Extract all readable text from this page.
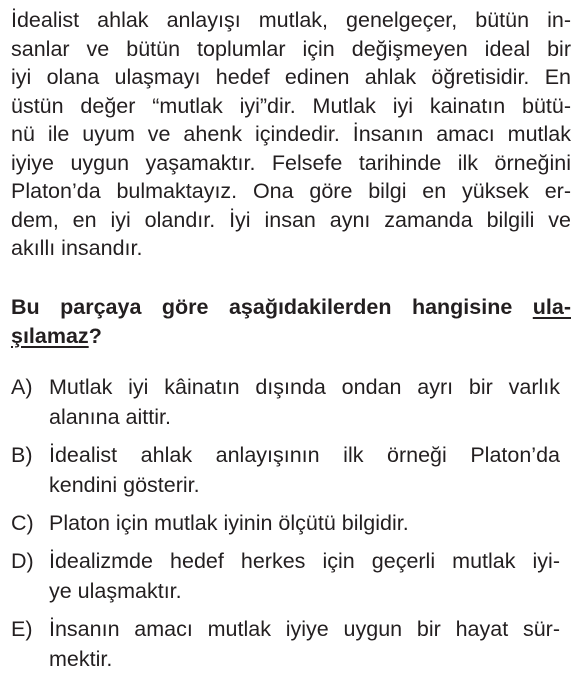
İdealist ahlak anlayışı mutlak, genelgeçer, bütün in-
sanlar ve bütün toplumlar için değişmeyen ideal bir
iyi olana ulaşmayı hedef edinen ahlak öğretisidir. En
üstün değer “mutlak iyi”dir. Mutlak iyi kainatın bütü-
nü ile uyum ve ahenk içindedir. İnsanın amacı mutlak
iyiye uygun yaşamaktır. Felsefe tarihinde ilk örneğini
Platon’da bulmaktayız. Ona göre bilgi en yüksek er-
dem, en iyi olandır. İyi insan aynı zamanda bilgili ve
akıllı insandır.
Bu parçaya göre aşağıdakilerden hangisine ula-
şılamaz?
A) Mutlak iyi kâinatın dışında ondan ayrı bir varlık
alanına aittir.
B) İdealist ahlak anlayışının ilk örneği Platon’da
kendini gösterir.
C) Platon için mutlak iyinin ölçütü bilgidir.
D) İdealizmde hedef herkes için geçerli mutlak iyi-
ye ulaşmaktır.
E) İnsanın amacı mutlak iyiye uygun bir hayat sür-
mektir.
